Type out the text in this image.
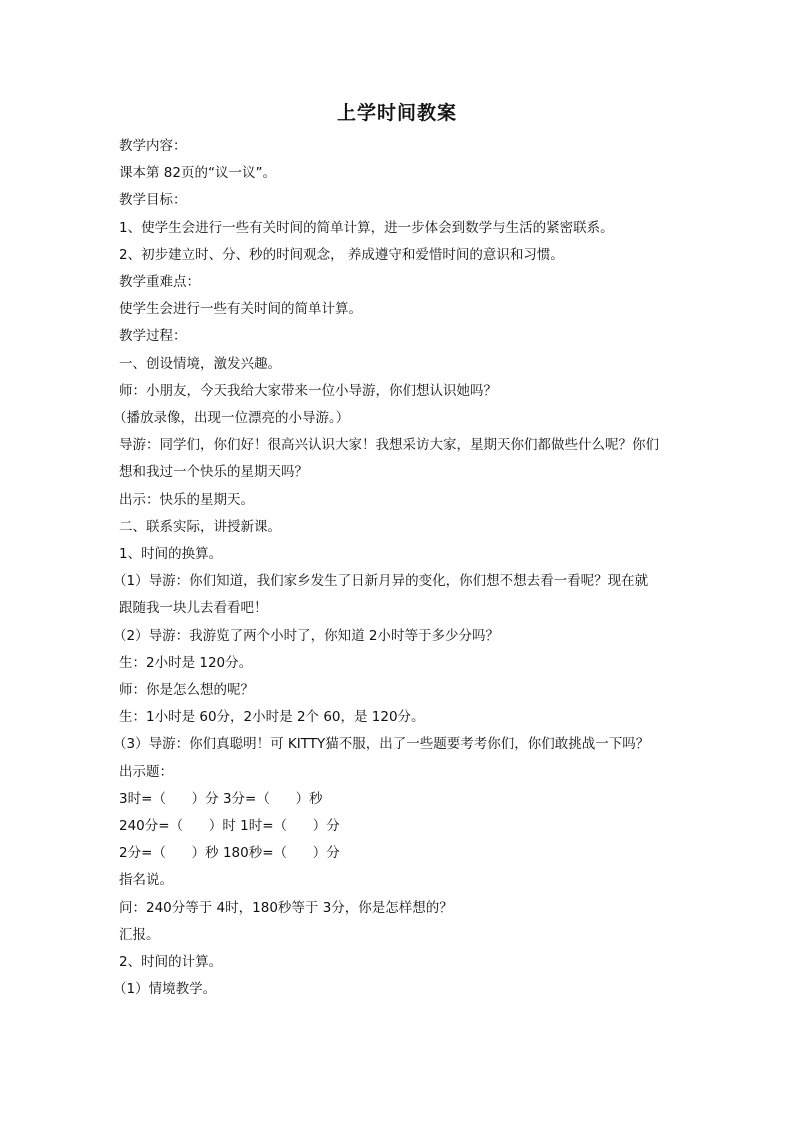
上学时间教案

教学内容：

课本第 82页的“议一议”。

教学目标：

1、使学生会进行一些有关时间的简单计算，进一步体会到数学与生活的紧密联系。

2、初步建立时、分、秒的时间观念， 养成遵守和爱惜时间的意识和习惯。

教学重难点：

使学生会进行一些有关时间的简单计算。

教学过程：

一、创设情境，激发兴趣。

师：小朋友，今天我给大家带来一位小导游，你们想认识她吗？

（播放录像，出现一位漂亮的小导游。）

导游：同学们，你们好！很高兴认识大家！我想采访大家，星期天你们都做些什么呢？你们

想和我过一个快乐的星期天吗？

出示：快乐的星期天。

二、联系实际，讲授新课。

1、时间的换算。

（1）导游：你们知道，我们家乡发生了日新月异的变化，你们想不想去看一看呢？现在就

跟随我一块儿去看看吧！

（2）导游：我游览了两个小时了，你知道 2小时等于多少分吗？

生：2小时是 120分。

师：你是怎么想的呢？

生：1小时是 60分，2小时是 2个 60，是 120分。

（3）导游：你们真聪明！可 KITTY猫不服，出了一些题要考考你们，你们敢挑战一下吗？

出示题：

3时=（      ）分 3分=（      ）秒

240分=（      ）时 1时=（      ）分

2分=（      ）秒 180秒=（      ）分

指名说。

问：240分等于 4时，180秒等于 3分，你是怎样想的？

汇报。

2、时间的计算。

（1）情境教学。
